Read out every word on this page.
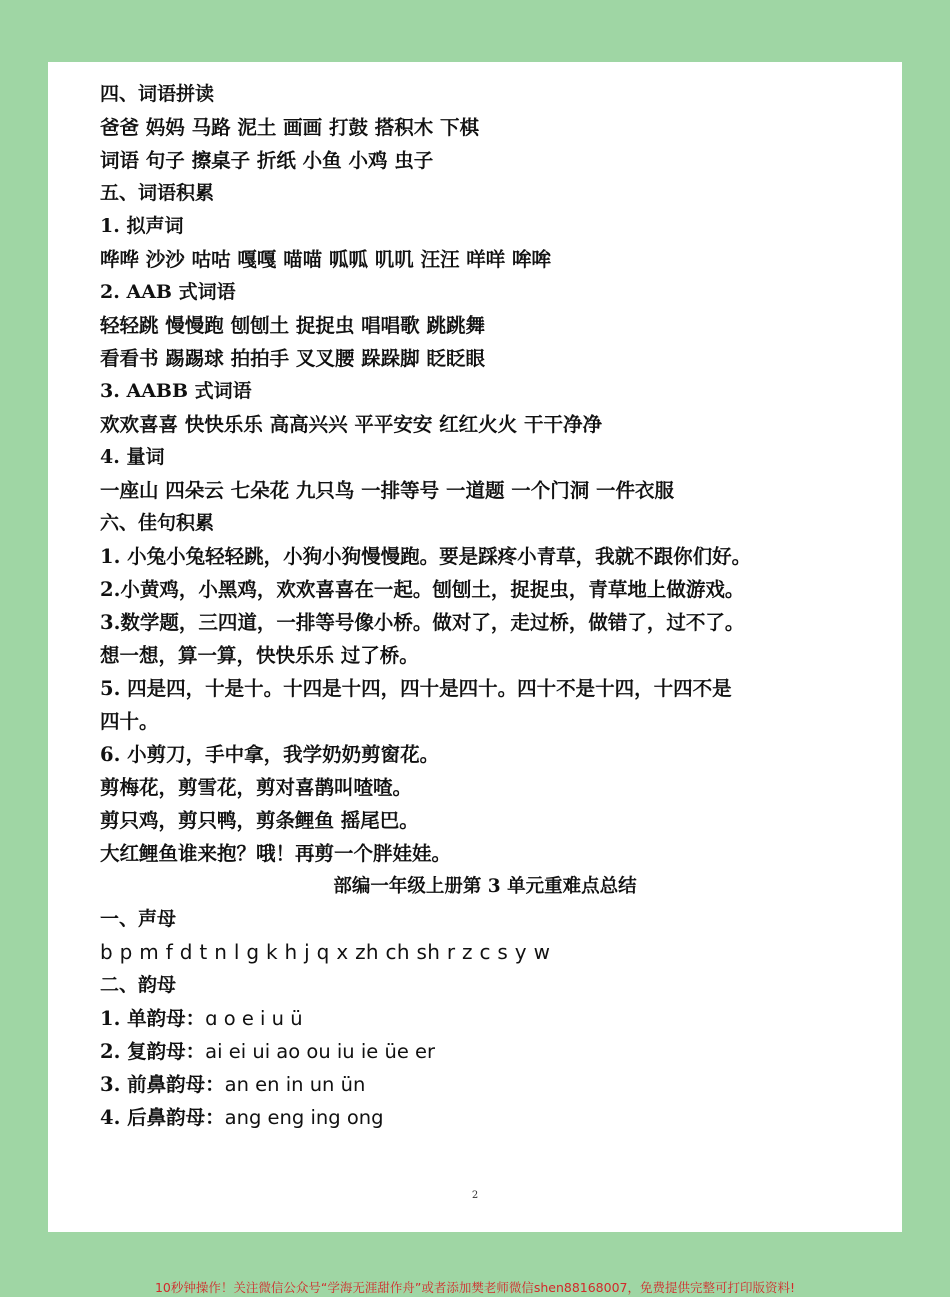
四、词语拼读
爸爸 妈妈 马路 泥土 画画 打鼓 搭积木 下棋
词语 句子 擦桌子 折纸 小鱼 小鸡 虫子
五、词语积累
1. 拟声词
哗哗 沙沙 咕咕 嘎嘎 喵喵 呱呱 叽叽 汪汪 咩咩 哞哞
2. AAB 式词语
轻轻跳 慢慢跑 刨刨土 捉捉虫 唱唱歌 跳跳舞
看看书 踢踢球 拍拍手 叉叉腰 跺跺脚 眨眨眼
3. AABB 式词语
欢欢喜喜 快快乐乐 高高兴兴 平平安安 红红火火 干干净净
4. 量词
一座山 四朵云 七朵花 九只鸟 一排等号 一道题 一个门洞 一件衣服
六、佳句积累
1. 小兔小兔轻轻跳，小狗小狗慢慢跑。要是踩疼小青草，我就不跟你们好。
2.小黄鸡，小黑鸡，欢欢喜喜在一起。刨刨土，捉捉虫，青草地上做游戏。
3.数学题，三四道，一排等号像小桥。做对了，走过桥，做错了，过不了。
想一想，算一算，快快乐乐 过了桥。
5. 四是四，十是十。十四是十四，四十是四十。四十不是十四，十四不是
四十。
6. 小剪刀，手中拿，我学奶奶剪窗花。
剪梅花，剪雪花，剪对喜鹊叫喳喳。
剪只鸡，剪只鸭，剪条鲤鱼 摇尾巴。
大红鲤鱼谁来抱？哦！再剪一个胖娃娃。
部编一年级上册第 3 单元重难点总结
一、声母
b p m f d t n l g k h j q x zh ch sh r z c s y w
二、韵母
1. 单韵母：ɑ o e i u ü
2. 复韵母：ai ei ui ao ou iu ie üe er
3. 前鼻韵母：an en in un ün
4. 后鼻韵母：ang eng ing ong
2
10秒钟操作！关注微信公众号“学海无涯甜作舟”或者添加樊老师微信shen88168007，免费提供完整可打印版资料!
